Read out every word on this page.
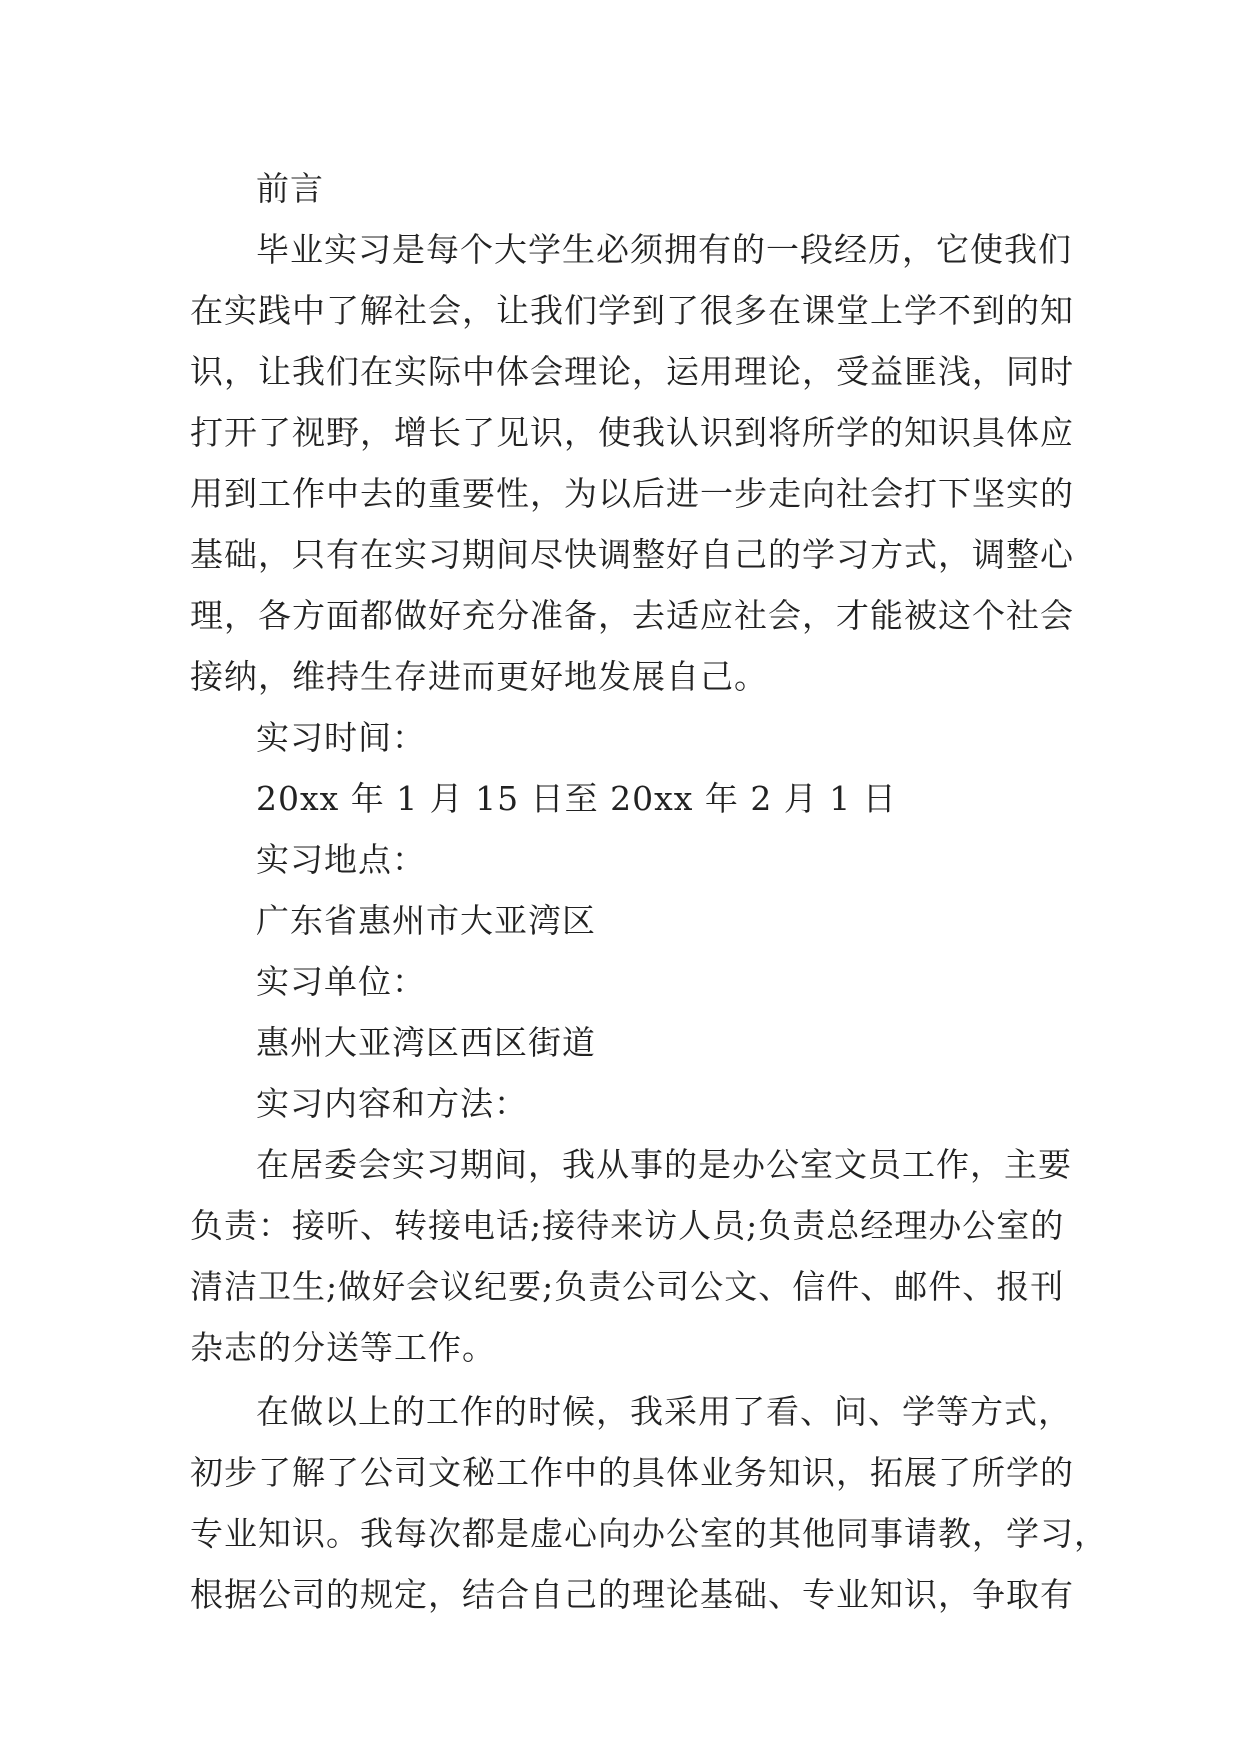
前言
毕业实习是每个大学生必须拥有的一段经历，它使我们
在实践中了解社会，让我们学到了很多在课堂上学不到的知
识，让我们在实际中体会理论，运用理论，受益匪浅，同时
打开了视野，增长了见识，使我认识到将所学的知识具体应
用到工作中去的重要性，为以后进一步走向社会打下坚实的
基础，只有在实习期间尽快调整好自己的学习方式，调整心
理，各方面都做好充分准备，去适应社会，才能被这个社会
接纳，维持生存进而更好地发展自己。
实习时间：
20xx 年 1 月 15 日至 20xx 年 2 月 1 日
实习地点：
广东省惠州市大亚湾区
实习单位：
惠州大亚湾区西区街道
实习内容和方法：
在居委会实习期间，我从事的是办公室文员工作，主要
负责：接听、转接电话;接待来访人员;负责总经理办公室的
清洁卫生;做好会议纪要;负责公司公文、信件、邮件、报刊
杂志的分送等工作。
在做以上的工作的时候，我采用了看、问、学等方式，
初步了解了公司文秘工作中的具体业务知识，拓展了所学的
专业知识。我每次都是虚心向办公室的其他同事请教，学习，
根据公司的规定，结合自己的理论基础、专业知识，争取有
